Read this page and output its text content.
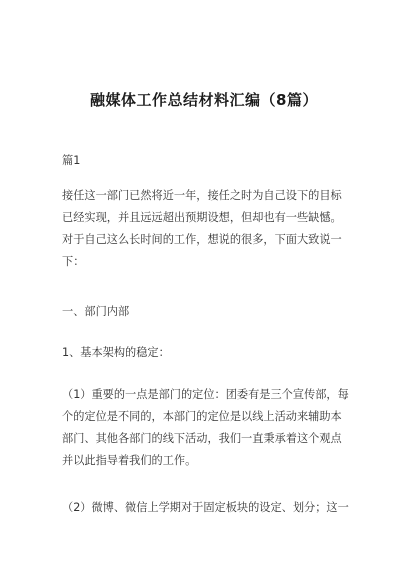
融媒体工作总结材料汇编（8篇）
篇1
接任这一部门已然将近一年，接任之时为自己设下的目标
已经实现，并且远远超出预期设想，但却也有一些缺憾。
对于自己这么长时间的工作，想说的很多，下面大致说一
下：
一、部门内部
1、基本架构的稳定：
（1）重要的一点是部门的定位：团委有是三个宣传部，每
个的定位是不同的，本部门的定位是以线上活动来辅助本
部门、其他各部门的线下活动，我们一直秉承着这个观点
并以此指导着我们的工作。
（2）微博、微信上学期对于固定板块的设定、划分；这一
